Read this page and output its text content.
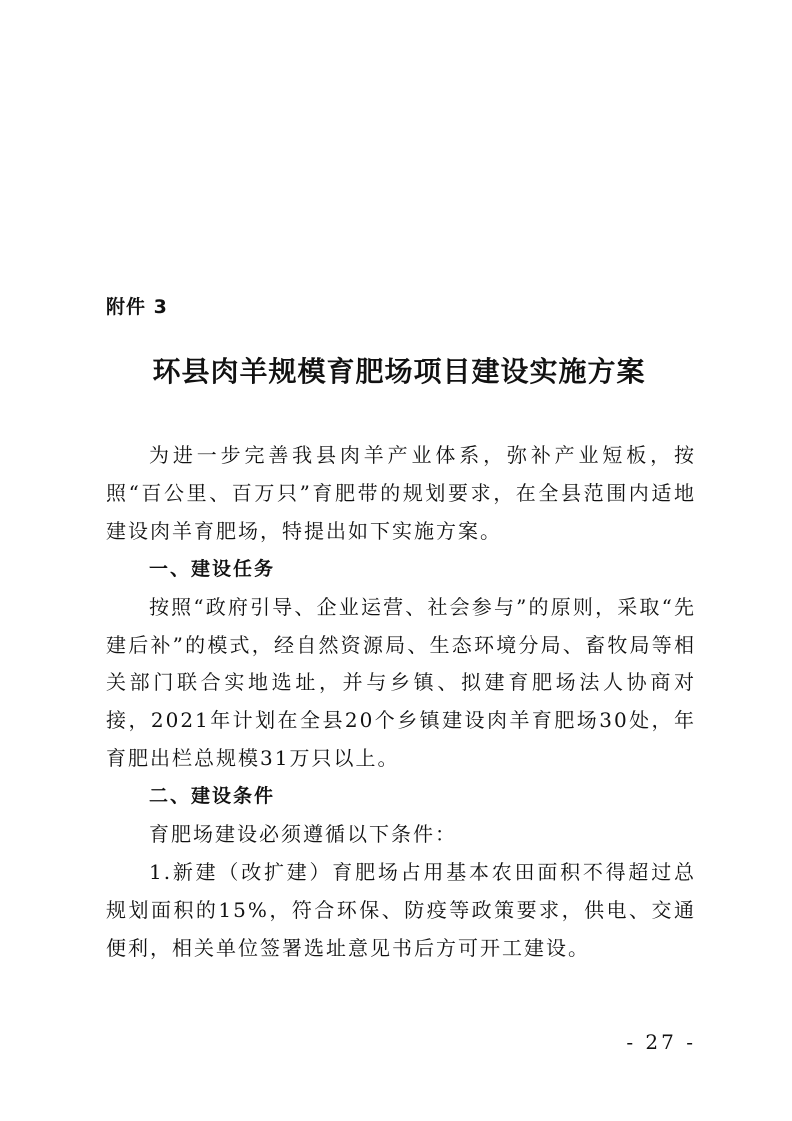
附件 3
环县肉羊规模育肥场项目建设实施方案

为进一步完善我县肉羊产业体系，弥补产业短板，按照“百公里、百万只”育肥带的规划要求，在全县范围内适地建设肉羊育肥场，特提出如下实施方案。

一、建设任务

按照“政府引导、企业运营、社会参与”的原则，采取“先建后补”的模式，经自然资源局、生态环境分局、畜牧局等相关部门联合实地选址，并与乡镇、拟建育肥场法人协商对接，2021年计划在全县20个乡镇建设肉羊育肥场30处，年育肥出栏总规模31万只以上。

二、建设条件

育肥场建设必须遵循以下条件：

1.新建（改扩建）育肥场占用基本农田面积不得超过总规划面积的15%，符合环保、防疫等政策要求，供电、交通便利，相关单位签署选址意见书后方可开工建设。

- 27 -
